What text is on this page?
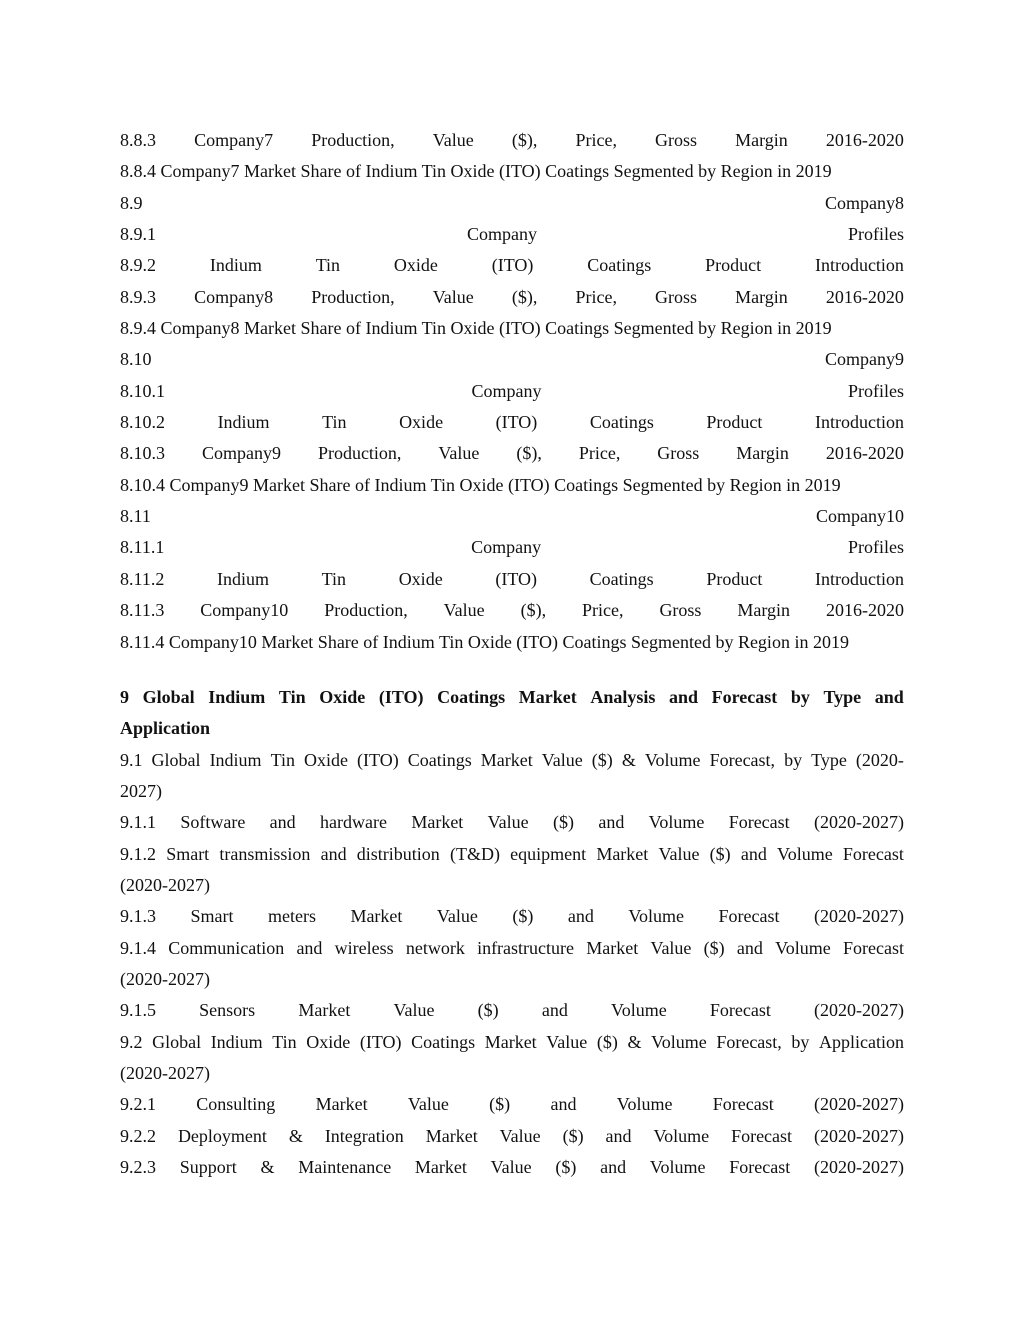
8.8.3 Company7 Production, Value ($), Price, Gross Margin 2016-2020
8.8.4 Company7 Market Share of Indium Tin Oxide (ITO) Coatings Segmented by Region in 2019
8.9	Company8
8.9.1	Company	Profiles
8.9.2	Indium	Tin	Oxide	(ITO)	Coatings	Product	Introduction
8.9.3 Company8 Production, Value ($), Price, Gross Margin 2016-2020
8.9.4 Company8 Market Share of Indium Tin Oxide (ITO) Coatings Segmented by Region in 2019
8.10	Company9
8.10.1	Company	Profiles
8.10.2	Indium	Tin	Oxide	(ITO)	Coatings	Product	Introduction
8.10.3 Company9 Production, Value ($), Price, Gross Margin 2016-2020
8.10.4 Company9 Market Share of Indium Tin Oxide (ITO) Coatings Segmented by Region in 2019
8.11	Company10
8.11.1	Company	Profiles
8.11.2	Indium	Tin	Oxide	(ITO)	Coatings	Product	Introduction
8.11.3 Company10 Production, Value ($), Price, Gross Margin 2016-2020
8.11.4 Company10 Market Share of Indium Tin Oxide (ITO) Coatings Segmented by Region in 2019
9 Global Indium Tin Oxide (ITO) Coatings Market Analysis and Forecast by Type and
Application
9.1 Global Indium Tin Oxide (ITO) Coatings Market Value ($) & Volume Forecast, by Type (2020-
2027)
9.1.1 Software and hardware Market Value ($) and Volume Forecast (2020-2027)
9.1.2 Smart transmission and distribution (T&D) equipment Market Value ($) and Volume Forecast
(2020-2027)
9.1.3 Smart meters Market Value ($) and Volume Forecast (2020-2027)
9.1.4 Communication and wireless network infrastructure Market Value ($) and Volume Forecast
(2020-2027)
9.1.5 Sensors Market Value ($) and Volume Forecast (2020-2027)
9.2 Global Indium Tin Oxide (ITO) Coatings Market Value ($) & Volume Forecast, by Application
(2020-2027)
9.2.1 Consulting Market Value ($) and Volume Forecast (2020-2027)
9.2.2 Deployment & Integration Market Value ($) and Volume Forecast (2020-2027)
9.2.3 Support & Maintenance Market Value ($) and Volume Forecast (2020-2027)
